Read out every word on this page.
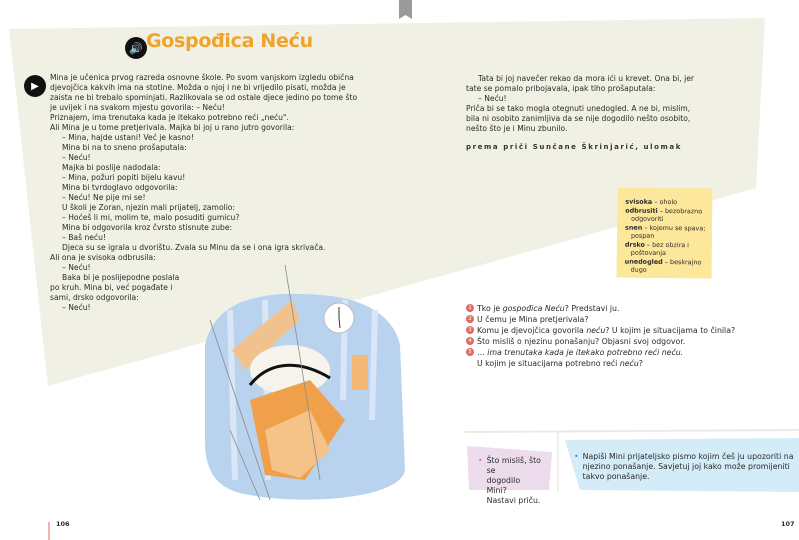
🔊 Gospođica Neću
▶
Mina je učenica prvog razreda osnovne škole. Po svom vanjskom izgledu obična
djevojčica kakvih ima na stotine. Možda o njoj i ne bi vrijedilo pisati, možda je
zaista ne bi trebalo spominjati. Razlikovala se od ostale djece jedino po tome što
je uvijek i na svakom mjestu govorila: – Neću!
Priznajem, ima trenutaka kada je itekako potrebno reći „neću".
Ali Mina je u tome pretjerivala. Majka bi joj u rano jutro govorila:
– Mina, hajde ustani! Već je kasno!
Mina bi na to sneno prošaputala:
– Neću!
Majka bi poslije nadodala:
– Mina, požuri popiti bijelu kavu!
Mina bi tvrdoglavo odgovorila:
– Neću! Ne pije mi se!
U školi je Zoran, njezin mali prijatelj, zamolio:
– Hoćeš li mi, molim te, malo posuditi gumicu?
Mina bi odgovorila kroz čvrsto stisnute zube:
– Baš neću!
Djeca su se igrala u dvorištu. Zvala su Minu da se i ona igra skrivača.
Ali ona je svisoka odbrusila:
– Neću!
Baka bi je poslijepodne poslala
po kruh. Mina bi, već pogađate i
sami, drsko odgovorila:
– Neću!
Tata bi joj navečer rekao da mora ići u krevet. Ona bi, jer
tate se pomalo pribojavala, ipak tiho prošaputala:
– Neću!
Priča bi se tako mogla otegnuti unedogled. A ne bi, mislim,
bila ni osobito zanimljiva da se nije dogodilo nešto osobito,
nešto što je i Minu zbunilo.
prema priči Sunčane Škrinjarić, ulomak
svisoka – oholo
odbrusiti – bezobrazno
odgovoriti
snen – kojemu se spava;
pospan
drsko – bez obzira i
poštovanja
unedogled – beskrajno
dugo
1 Tko je gospođica Neću? Predstavi ju.
2 U čemu je Mina pretjerivala?
3 Komu je djevojčica govorila neću? U kojim je situacijama to činila?
4 Što misliš o njezinu ponašanju? Objasni svoj odgovor.
5 … ima trenutaka kada je itekako potrebno reći neću.
U kojim je situacijama potrebno reći neću?
• Što misliš, što se
dogodilo Mini?
Nastavi priču.
• Napiši Mini prijateljsko pismo kojim češ ju upozoriti na
njezino ponašanje. Savjetuj joj kako može promijeniti
takvo ponašanje.
106	107
